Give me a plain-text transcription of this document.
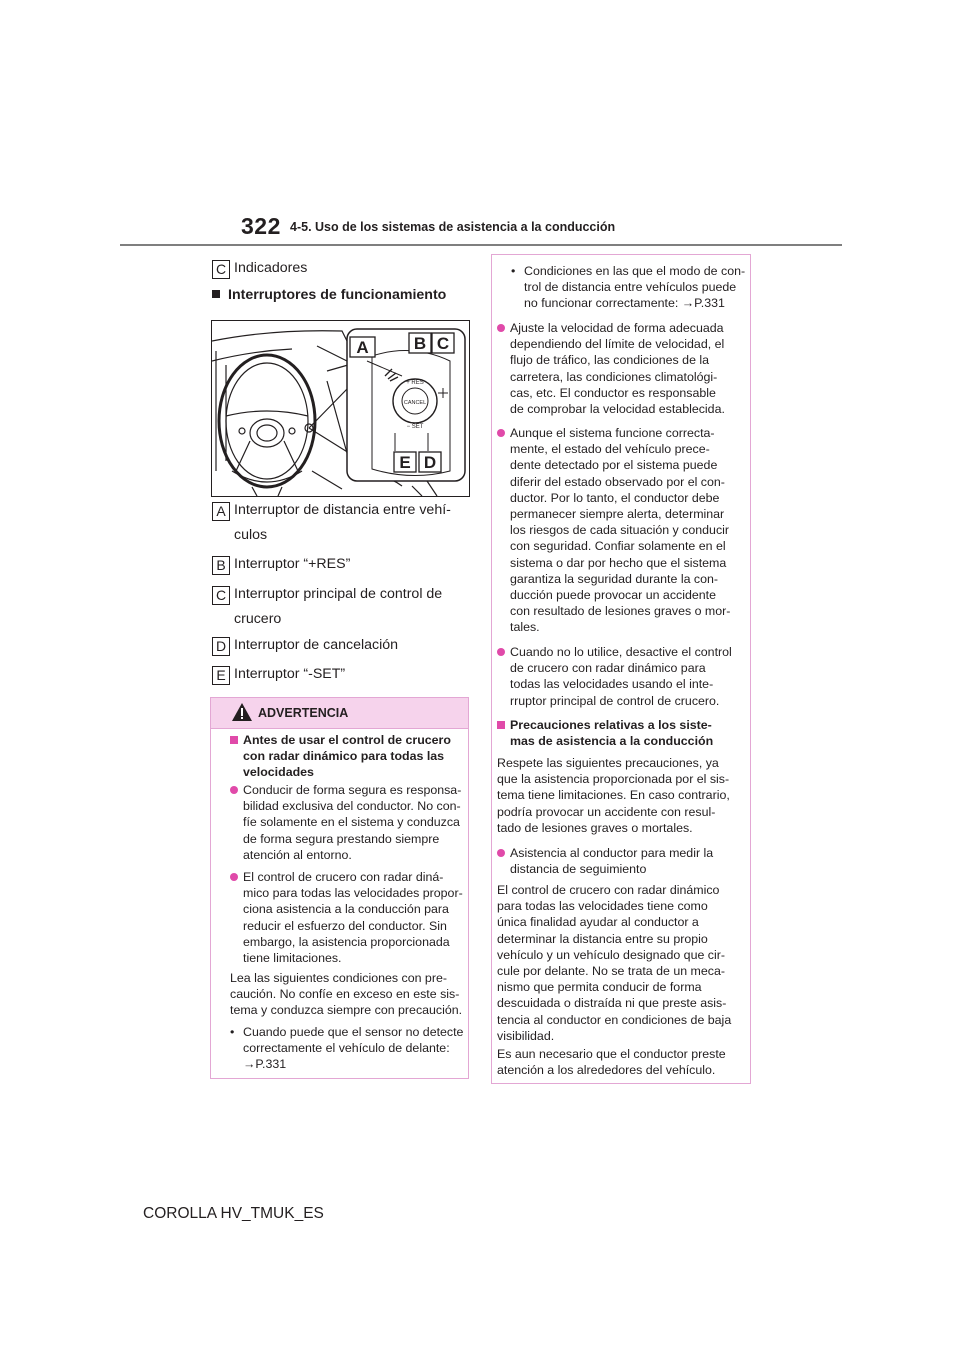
322 4-5. Uso de los sistemas de asistencia a la conducción
C Indicadores
Interruptores de funcionamiento
A	B C
D
E
+ RES
CANCEL
− SET
A Interruptor de distancia entre vehí-
culos
B Interruptor “+RES”
C Interruptor principal de control de
crucero
D Interruptor de cancelación
E Interruptor “-SET”
ADVERTENCIA
Antes de usar el control de crucero
con radar dinámico para todas las
velocidades
Conducir de forma segura es responsa-
bilidad exclusiva del conductor. No con-
fíe solamente en el sistema y conduzca
de forma segura prestando siempre
atención al entorno.
El control de crucero con radar diná-
mico para todas las velocidades propor-
ciona asistencia a la conducción para
reducir el esfuerzo del conductor. Sin
embargo, la asistencia proporcionada
tiene limitaciones.
Lea las siguientes condiciones con pre-
caución. No confíe en exceso en este sis-
tema y conduzca siempre con precaución.
• Cuando puede que el sensor no detecte
correctamente el vehículo de delante:
→P.331
• Condiciones en las que el modo de con-
trol de distancia entre vehículos puede
no funcionar correctamente: →P.331
Ajuste la velocidad de forma adecuada
dependiendo del límite de velocidad, el
flujo de tráfico, las condiciones de la
carretera, las condiciones climatológi-
cas, etc. El conductor es responsable
de comprobar la velocidad establecida.
Aunque el sistema funcione correcta-
mente, el estado del vehículo prece-
dente detectado por el sistema puede
diferir del estado observado por el con-
ductor. Por lo tanto, el conductor debe
permanecer siempre alerta, determinar
los riesgos de cada situación y conducir
con seguridad. Confiar solamente en el
sistema o dar por hecho que el sistema
garantiza la seguridad durante la con-
ducción puede provocar un accidente
con resultado de lesiones graves o mor-
tales.
Cuando no lo utilice, desactive el control
de crucero con radar dinámico para
todas las velocidades usando el inte-
rruptor principal de control de crucero.
Precauciones relativas a los siste-
mas de asistencia a la conducción
Respete las siguientes precauciones, ya
que la asistencia proporcionada por el sis-
tema tiene limitaciones. En caso contrario,
podría provocar un accidente con resul-
tado de lesiones graves o mortales.
Asistencia al conductor para medir la
distancia de seguimiento
El control de crucero con radar dinámico
para todas las velocidades tiene como
única finalidad ayudar al conductor a
determinar la distancia entre su propio
vehículo y un vehículo designado que cir-
cule por delante. No se trata de un meca-
nismo que permita conducir de forma
descuidada o distraída ni que preste asis-
tencia al conductor en condiciones de baja
visibilidad.
Es aun necesario que el conductor preste
atención a los alrededores del vehículo.
COROLLA HV_TMUK_ES
